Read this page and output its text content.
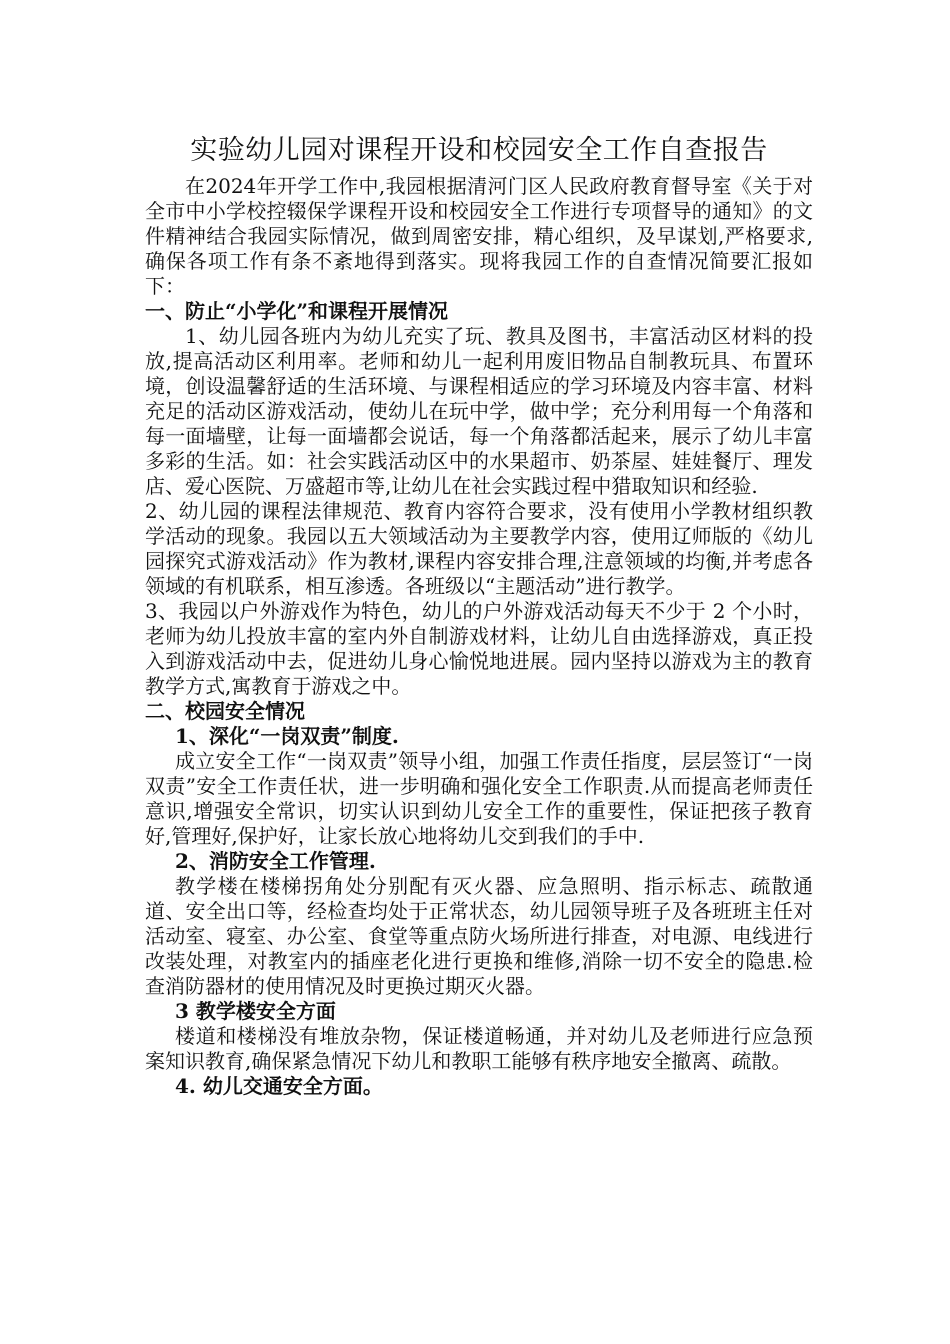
实验幼儿园对课程开设和校园安全工作自查报告

在2024年开学工作中,我园根据清河门区人民政府教育督导室《关于对全市中小学校控辍保学课程开设和校园安全工作进行专项督导的通知》的文件精神结合我园实际情况，做到周密安排，精心组织，及早谋划,严格要求,确保各项工作有条不紊地得到落实。现将我园工作的自查情况简要汇报如下：

一、防止“小学化”和课程开展情况

1、幼儿园各班内为幼儿充实了玩、教具及图书，丰富活动区材料的投放,提高活动区利用率。老师和幼儿一起利用废旧物品自制教玩具、布置环境，创设温馨舒适的生活环境、与课程相适应的学习环境及内容丰富、材料充足的活动区游戏活动，使幼儿在玩中学，做中学；充分利用每一个角落和每一面墙壁，让每一面墙都会说话，每一个角落都活起来，展示了幼儿丰富多彩的生活。如：社会实践活动区中的水果超市、奶茶屋、娃娃餐厅、理发店、爱心医院、万盛超市等,让幼儿在社会实践过程中猎取知识和经验.

2、幼儿园的课程法律规范、教育内容符合要求，没有使用小学教材组织教学活动的现象。我园以五大领域活动为主要教学内容，使用辽师版的《幼儿园探究式游戏活动》作为教材,课程内容安排合理,注意领域的均衡,并考虑各领域的有机联系，相互渗透。各班级以“主题活动”进行教学。

3、我园以户外游戏作为特色，幼儿的户外游戏活动每天不少于 2 个小时，老师为幼儿投放丰富的室内外自制游戏材料，让幼儿自由选择游戏，真正投入到游戏活动中去，促进幼儿身心愉悦地进展。园内坚持以游戏为主的教育教学方式,寓教育于游戏之中。

二、校园安全情况

1、深化“一岗双责”制度.

成立安全工作“一岗双责”领导小组，加强工作责任指度，层层签订“一岗双责”安全工作责任状，进一步明确和强化安全工作职责.从而提高老师责任意识,增强安全常识，切实认识到幼儿安全工作的重要性，保证把孩子教育好,管理好,保护好，让家长放心地将幼儿交到我们的手中.

2、消防安全工作管理.

教学楼在楼梯拐角处分别配有灭火器、应急照明、指示标志、疏散通道、安全出口等，经检查均处于正常状态，幼儿园领导班子及各班班主任对活动室、寝室、办公室、食堂等重点防火场所进行排查，对电源、电线进行改装处理，对教室内的插座老化进行更换和维修,消除一切不安全的隐患.检查消防器材的使用情况及时更换过期灭火器。

3 教学楼安全方面

楼道和楼梯没有堆放杂物，保证楼道畅通，并对幼儿及老师进行应急预案知识教育,确保紧急情况下幼儿和教职工能够有秩序地安全撤离、疏散。

4. 幼儿交通安全方面。
